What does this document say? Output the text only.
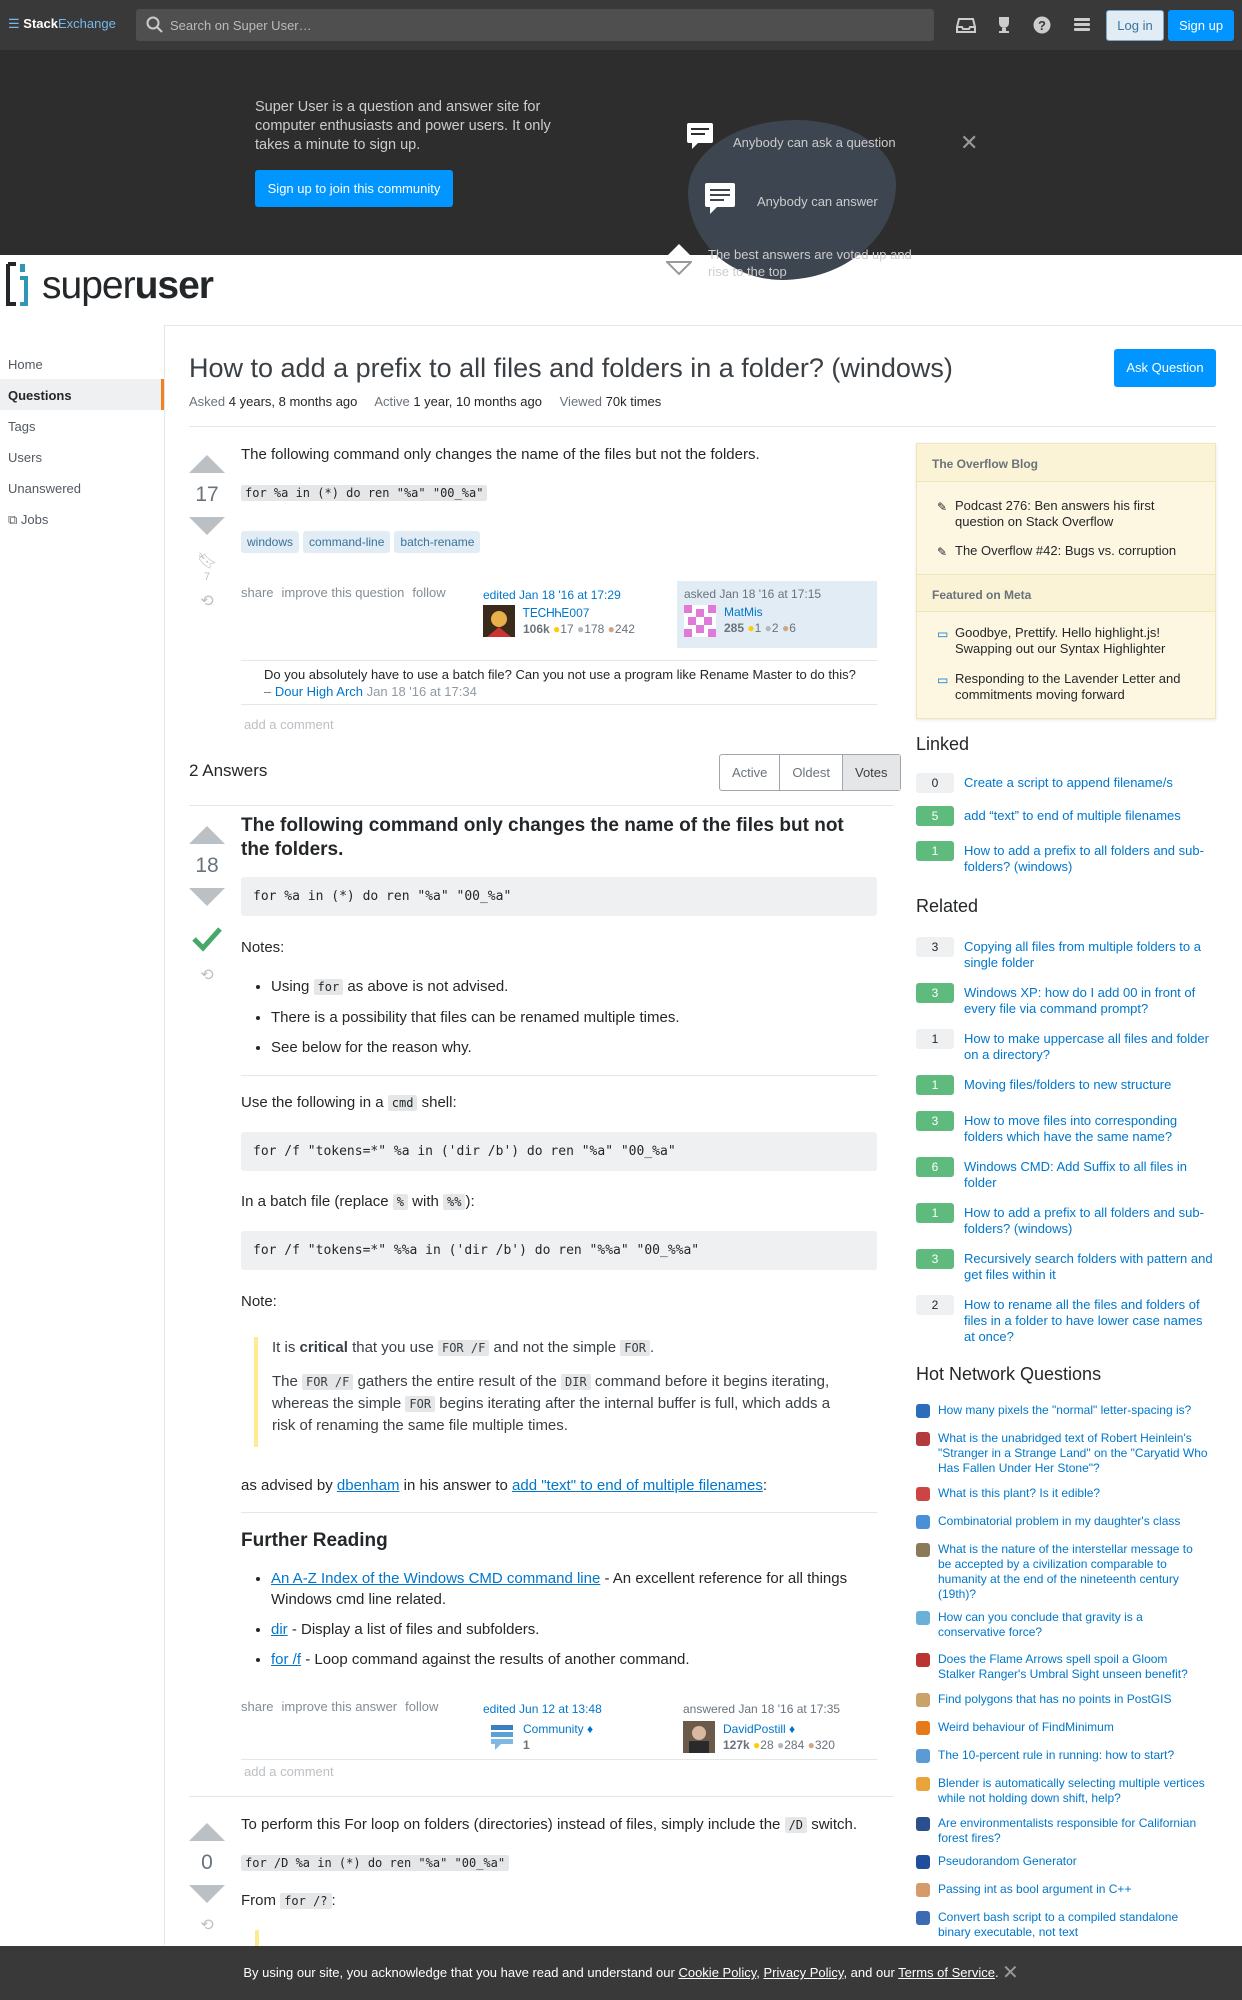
☰ StackExchange	Search on Super User…	?	Log in	Sign up
Super User is a question and answer site for computer enthusiasts and power users. It only takes a minute to sign up.
Sign up to join this community
Anybody can ask a question
Anybody can answer
The best answers are voted up and rise to the top
✕
superuser
Home
Questions
Tags
Users
Unanswered
⧉ Jobs
How to add a prefix to all files and folders in a folder? (windows)	Ask Question
Asked 4 years, 8 months ago Active 1 year, 10 months ago Viewed 70k times
17
🔖︎
7
⟲
The following command only changes the name of the files but not the folders.
for %a in (*) do ren "%a" "00_%a"
windows command-line batch-rename
share improve this question follow	edited Jan 18 '16 at 17:29
ᎢᎬᏟᎻᏂᎬ007
106k ●17 ●178 ●242
asked Jan 18 '16 at 17:15
MatMis
285 ●1 ●2 ●6
Do you absolutely have to use a batch file? Can you not use a program like Rename Master to do this?
– Dour High Arch Jan 18 '16 at 17:34
add a comment
2 Answers	Active	Oldest	Votes
18
⟲
The following command only changes the name of the files but not the folders.
for %a in (*) do ren "%a" "00_%a"
Notes:
• Using for as above is not advised.
• There is a possibility that files can be renamed multiple times.
• See below for the reason why.
Use the following in a cmd shell:
for /f "tokens=*" %a in ('dir /b') do ren "%a" "00_%a"
In a batch file (replace % with %% ):
for /f "tokens=*" %%a in ('dir /b') do ren "%%a" "00_%%a"
Note:

It is critical that you use FOR /F and not the simple FOR .

The FOR /F gathers the entire result of the DIR command before it begins iterating, whereas the simple FOR begins iterating after the internal buffer is full, which adds a risk of renaming the same file multiple times.

as advised by dbenham in his answer to add "text" to end of multiple filenames:
Further Reading
• An A-Z Index of the Windows CMD command line - An excellent reference for all things Windows cmd line related.
• dir - Display a list of files and subfolders.
• for /f - Loop command against the results of another command.
share improve this answer follow	edited Jun 12 at 13:48
Community ♦
1
answered Jan 18 '16 at 17:35
DavidPostill ♦
127k ●28 ●284 ●320
add a comment
0
⟲
To perform this For loop on folders (directories) instead of files, simply include the /D switch.
for /D %a in (*) do ren "%a" "00_%a"
From for /? :
The Overflow Blog
✎ Podcast 276: Ben answers his first question on Stack Overflow
✎ The Overflow #42: Bugs vs. corruption
Featured on Meta
▭ Goodbye, Prettify. Hello highlight.js! Swapping out our Syntax Highlighter
▭ Responding to the Lavender Letter and commitments moving forward
Linked
0	Create a script to append filename/s
5	add “text” to end of multiple filenames
1	How to add a prefix to all folders and sub-folders? (windows)
Related
3	Copying all files from multiple folders to a single folder
3	Windows XP: how do I add 00 in front of every file via command prompt?
1	How to make uppercase all files and folder on a directory?
1	Moving files/folders to new structure
3	How to move files into corresponding folders which have the same name?
6	Windows CMD: Add Suffix to all files in folder
1	How to add a prefix to all folders and sub-folders? (windows)
3	Recursively search folders with pattern and get files within it
2	How to rename all the files and folders of files in a folder to have lower case names at once?
Hot Network Questions
How many pixels the "normal" letter-spacing is?
What is the unabridged text of Robert Heinlein's "Stranger in a Strange Land" on the "Caryatid Who Has Fallen Under Her Stone"?
What is this plant? Is it edible?
Combinatorial problem in my daughter's class
What is the nature of the interstellar message to be accepted by a civilization comparable to humanity at the end of the nineteenth century (19th)?
How can you conclude that gravity is a conservative force?
Does the Flame Arrows spell spoil a Gloom Stalker Ranger's Umbral Sight unseen benefit?
Find polygons that has no points in PostGIS
Weird behaviour of FindMinimum
The 10-percent rule in running: how to start?
Blender is automatically selecting multiple vertices while not holding down shift, help?
Are environmentalists responsible for Californian forest fires?
Pseudorandom Generator
Passing int as bool argument in C++
Convert bash script to a compiled standalone binary executable, not text
By using our site, you acknowledge that you have read and understand our Cookie Policy, Privacy Policy, and our Terms of Service. ✕
